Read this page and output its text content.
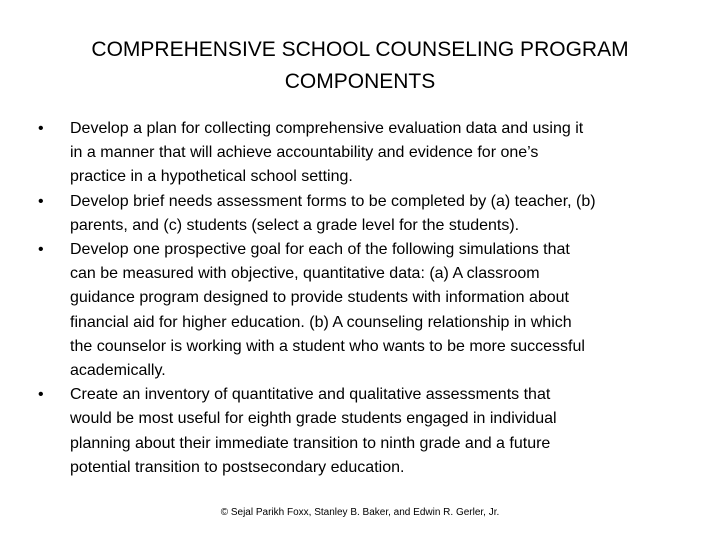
COMPREHENSIVE SCHOOL COUNSELING PROGRAM
COMPONENTS
• Develop a plan for collecting comprehensive evaluation data and using it
in a manner that will achieve accountability and evidence for one’s
practice in a hypothetical school setting.
• Develop brief needs assessment forms to be completed by (a) teacher, (b)
parents, and (c) students (select a grade level for the students).
• Develop one prospective goal for each of the following simulations that
can be measured with objective, quantitative data: (a) A classroom
guidance program designed to provide students with information about
financial aid for higher education. (b) A counseling relationship in which
the counselor is working with a student who wants to be more successful
academically.
• Create an inventory of quantitative and qualitative assessments that
would be most useful for eighth grade students engaged in individual
planning about their immediate transition to ninth grade and a future
potential transition to postsecondary education.
© Sejal Parikh Foxx, Stanley B. Baker, and Edwin R. Gerler, Jr.
